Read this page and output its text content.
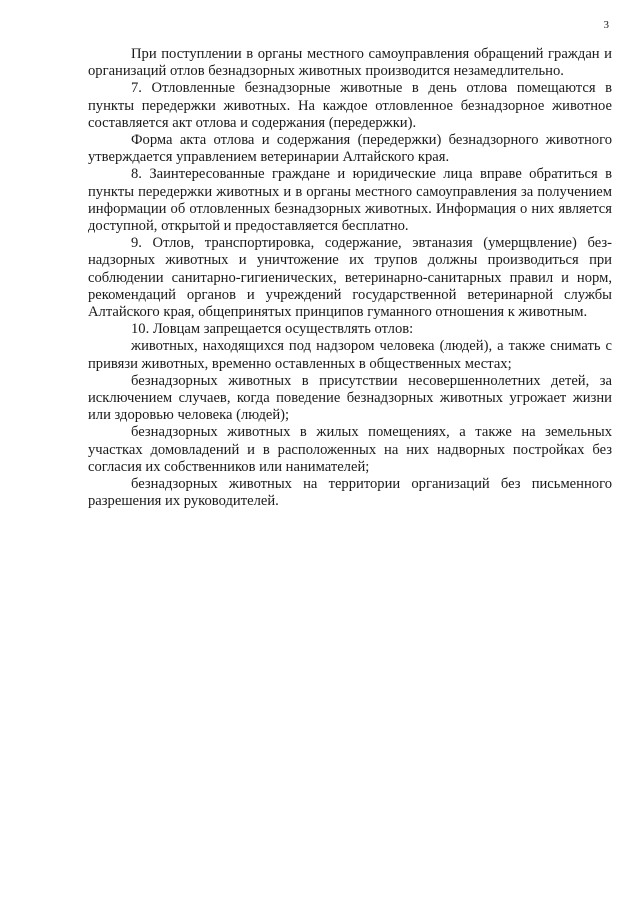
3

При поступлении в органы местного самоуправления обращений граждан и организаций отлов безнадзорных животных производится незамедлительно.

7. Отловленные безнадзорные животные в день отлова помещаются в пункты передержки животных. На каждое отловленное безнадзорное животное составляется акт отлова и содержания (передержки).

Форма акта отлова и содержания (передержки) безнадзорного животного утверждается управлением ветеринарии Алтайского края.

8. Заинтересованные граждане и юридические лица вправе обратиться в пункты передержки животных и в органы местного самоуправления за получением информации об отловленных безнадзорных животных. Информация о них является доступной, открытой и предоставляется бесплатно.

9. Отлов, транспортировка, содержание, эвтаназия (умерщвление) безнадзорных животных и уничтожение их трупов должны производиться при соблюдении санитарно-гигиенических, ветеринарно-санитарных правил и норм, рекомендаций органов и учреждений государственной ветеринарной службы Алтайского края, общепринятых принципов гуманного отношения к животным.

10. Ловцам запрещается осуществлять отлов:

животных, находящихся под надзором человека (людей), а также снимать с привязи животных, временно оставленных в общественных местах;

безнадзорных животных в присутствии несовершеннолетних детей, за исключением случаев, когда поведение безнадзорных животных угрожает жизни или здоровью человека (людей);

безнадзорных животных в жилых помещениях, а также на земельных участках домовладений и в расположенных на них надворных постройках без согласия их собственников или нанимателей;

безнадзорных животных на территории организаций без письменного разрешения их руководителей.
